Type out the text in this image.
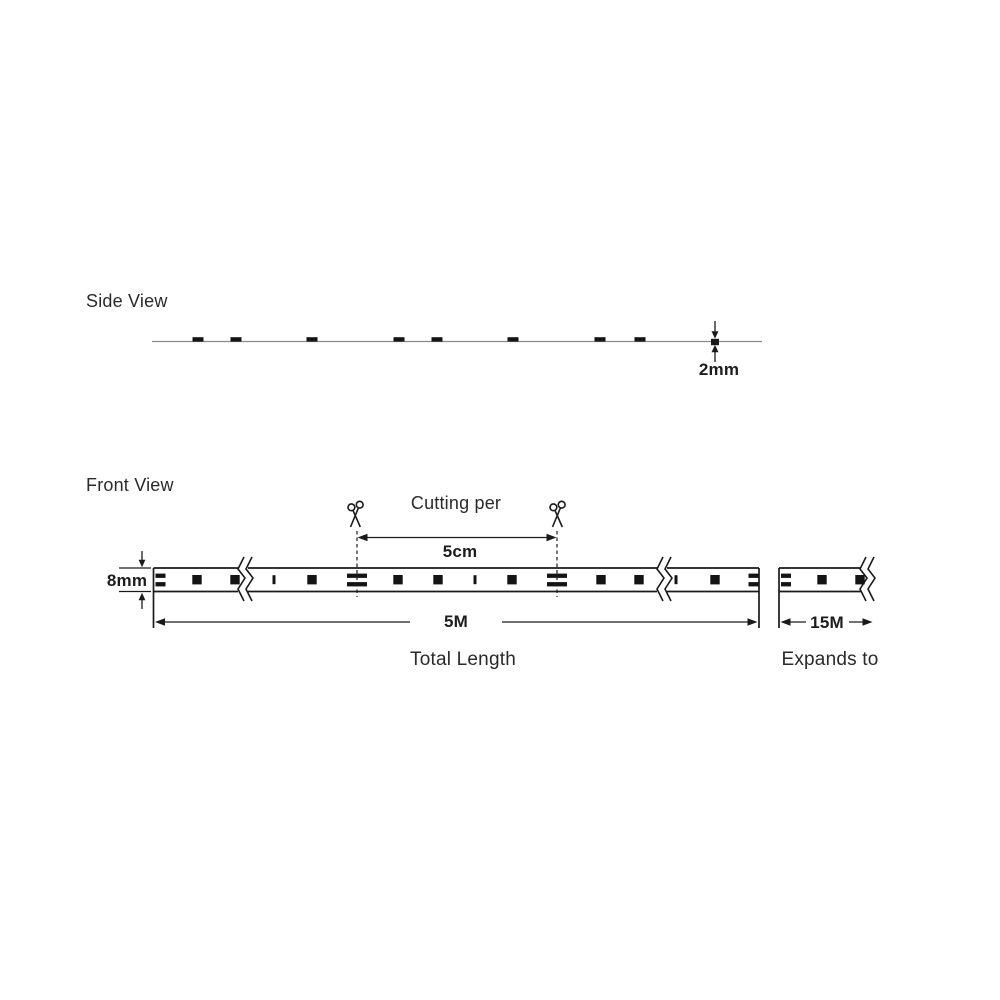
Side View
2mm
Front View
Cutting per
5cm
8mm
5M	15M
Total Length	Expands to
